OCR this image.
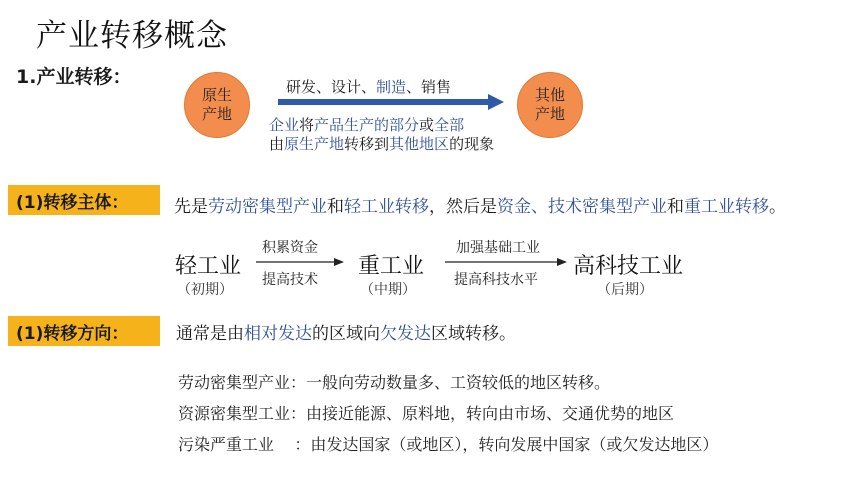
产业转移概念
1.产业转移：
原生
产地
其他
产地
研发、设计、制造、销售
企业将产品生产的部分或全部
由原生产地转移到其他地区的现象
(1)转移主体：	先是劳动密集型产业和轻工业转移，然后是资金、技术密集型产业和重工业转移。
轻工业
（初期）
积累资金
提高技术
重工业
（中期）
加强基础工业
提高科技水平
高科技工业
（后期）
(1)转移方向：	通常是由相对发达的区域向欠发达区域转移。
劳动密集型产业：一般向劳动数量多、工资较低的地区转移。
资源密集型工业：由接近能源、原料地，转向由市场、交通优势的地区
污染严重工业    ：由发达国家（或地区），转向发展中国家（或欠发达地区）
